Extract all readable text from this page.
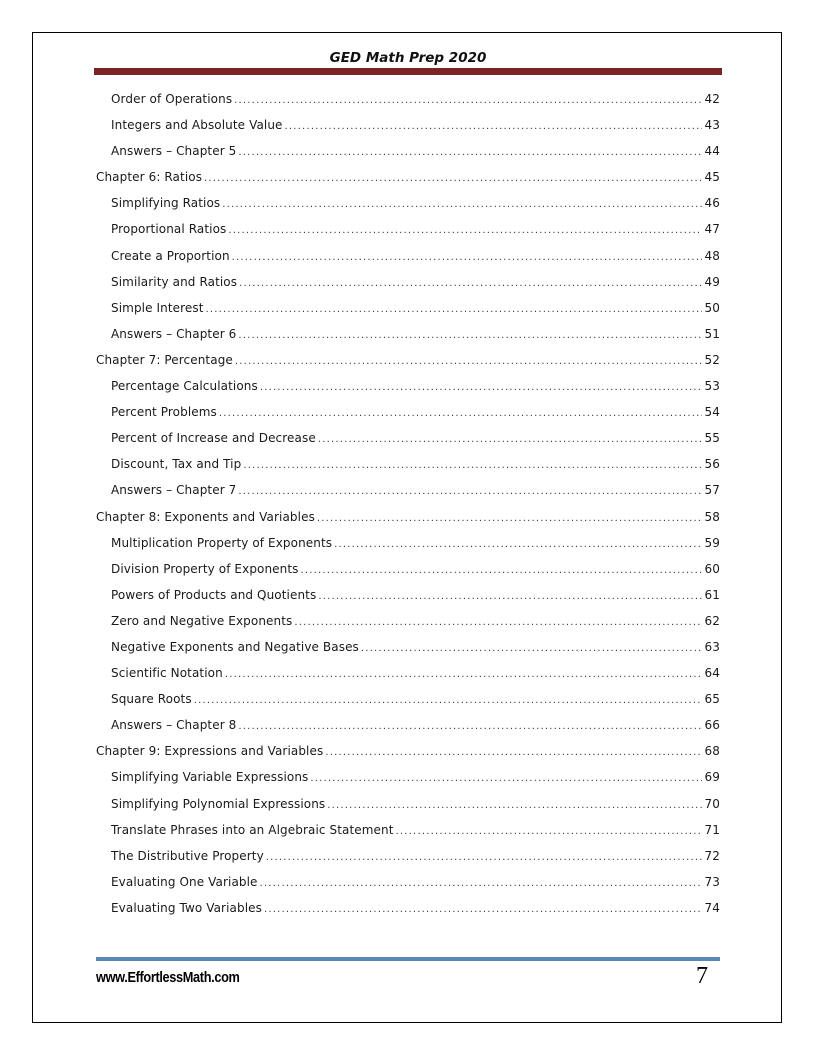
GED Math Prep 2020
Order of Operations .....	42
Integers and Absolute Value .....	43
Answers – Chapter 5 .....	44
Chapter 6: Ratios .....	45
Simplifying Ratios .....	46
Proportional Ratios .....	47
Create a Proportion .....	48
Similarity and Ratios .....	49
Simple Interest .....	50
Answers – Chapter 6 .....	51
Chapter 7: Percentage .....	52
Percentage Calculations .....	53
Percent Problems .....	54
Percent of Increase and Decrease .....	55
Discount, Tax and Tip .....	56
Answers – Chapter 7 .....	57
Chapter 8: Exponents and Variables .....	58
Multiplication Property of Exponents .....	59
Division Property of Exponents .....	60
Powers of Products and Quotients .....	61
Zero and Negative Exponents .....	62
Negative Exponents and Negative Bases .....	63
Scientific Notation .....	64
Square Roots .....	65
Answers – Chapter 8 .....	66
Chapter 9: Expressions and Variables .....	68
Simplifying Variable Expressions .....	69
Simplifying Polynomial Expressions .....	70
Translate Phrases into an Algebraic Statement .....	71
The Distributive Property .....	72
Evaluating One Variable .....	73
Evaluating Two Variables .....	74
www.EffortlessMath.com	7
